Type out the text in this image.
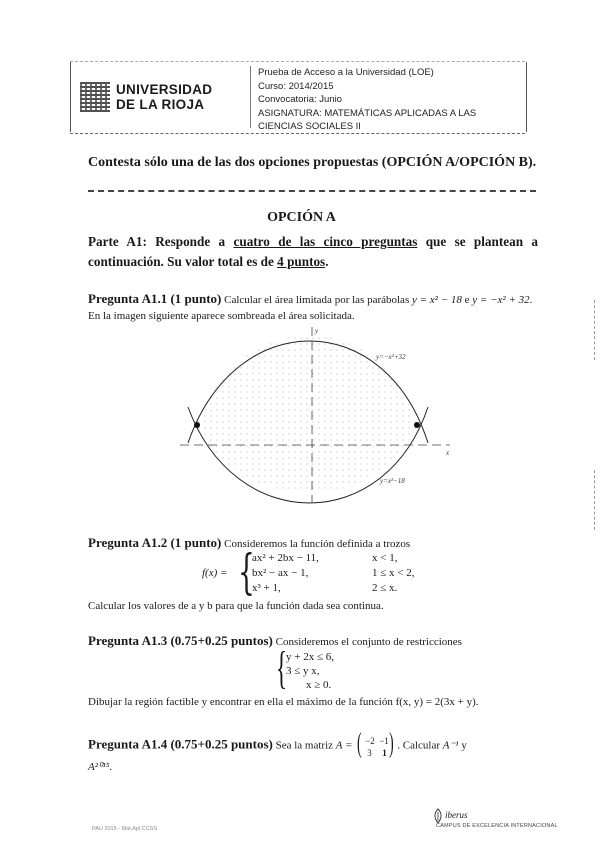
UNIVERSIDAD
DE LA RIOJA
Prueba de Acceso a la Universidad (LOE)
Curso: 2014/2015
Convocatoria: Junio
ASIGNATURA: MATEMÁTICAS APLICADAS A LAS
CIENCIAS SOCIALES II
Contesta sólo una de las dos opciones propuestas (OPCIÓN A/OPCIÓN B).
OPCIÓN A
Parte A1: Responde a cuatro de las cinco preguntas que se plantean a continuación. Su valor total es de 4 puntos.
Pregunta A1.1 (1 punto) Calcular el área limitada por las parábolas y = x² − 18 e y = −x² + 32. En la imagen siguiente aparece sombreada el área solicitada.
y=−x²+32
y=x²−18
y
x
Pregunta A1.2 (1 punto) Consideremos la función definida a trozos
f(x) = {
ax² + 2bx − 11,	x < 1,
bx² − ax − 1,	1 ≤ x < 2,
x³ + 1,	2 ≤ x.
Calcular los valores de a y b para que la función dada sea continua.
Pregunta A1.3 (0.75+0.25 puntos) Consideremos el conjunto de restricciones
{
y + 2x ≤ 6,
3 ≤ y x,
x ≥ 0.
Dibujar la región factible y encontrar en ella el máximo de la función f(x, y) = 2(3x + y).
Pregunta A1.4 (0.75+0.25 puntos) Sea la matriz A = ( −2 −1
3 1 ) . Calcular A⁻¹ y
A²⁰¹⁵.
iberus
CAMPUS DE EXCELENCIA INTERNACIONAL
PAU 2015 - Mat.Apl.CCSS
